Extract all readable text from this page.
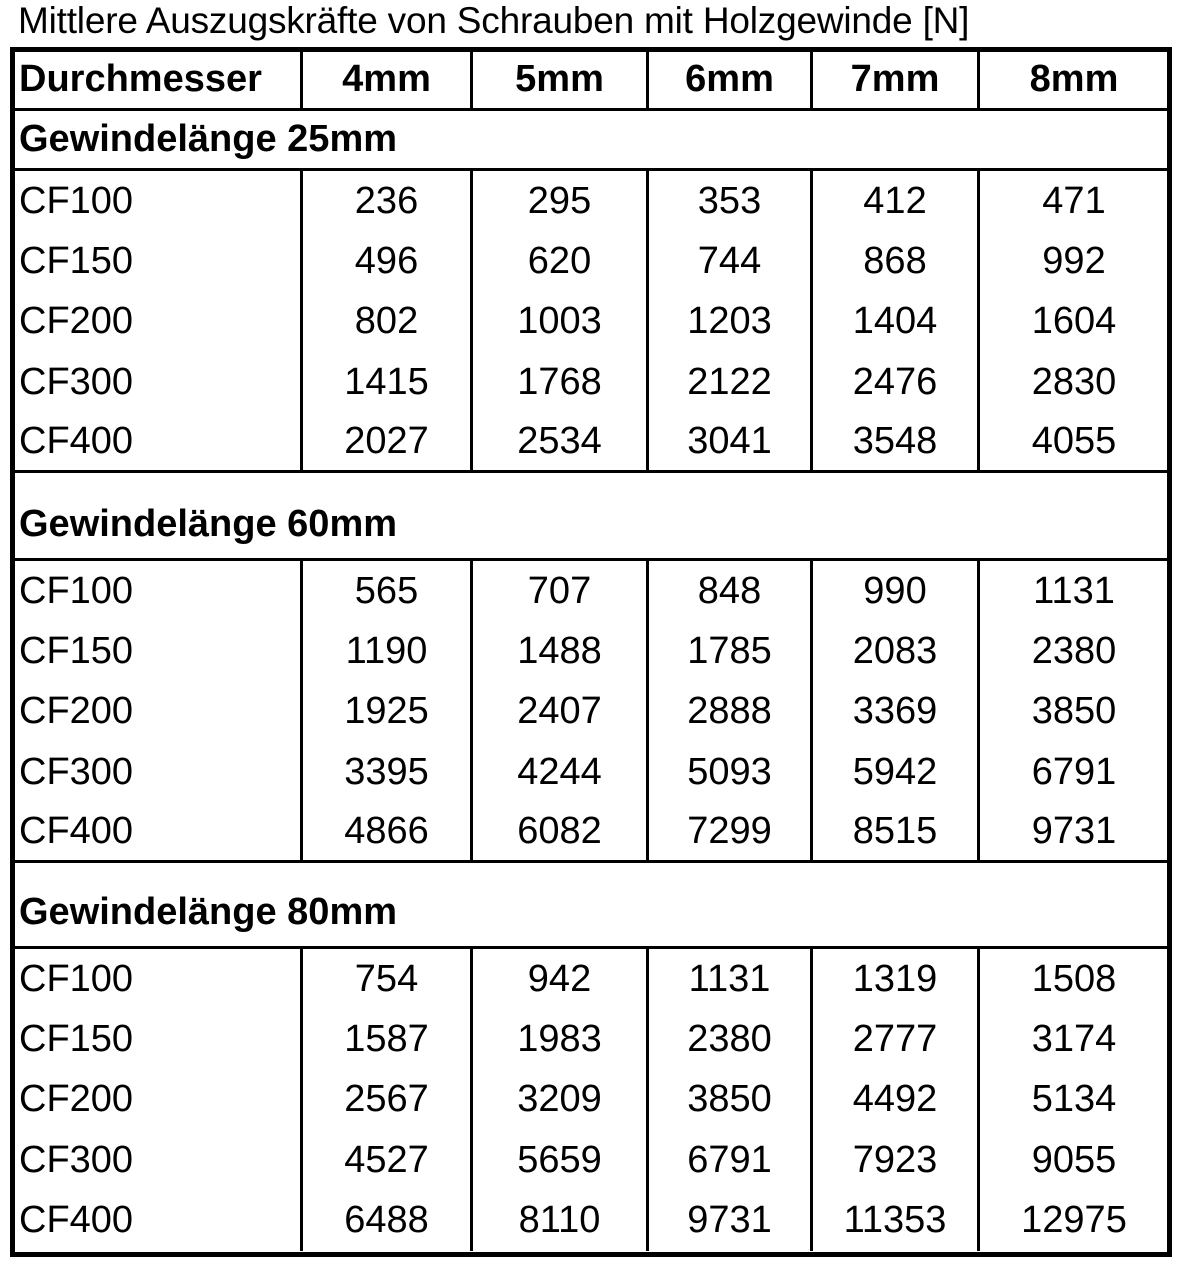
Mittlere Auszugskräfte von Schrauben mit Holzgewinde [N]
Durchmesser	4mm	5mm	6mm	7mm	8mm
Gewindelänge 25mm
CF100	236	295	353	412	471
CF150	496	620	744	868	992
CF200	802	1003	1203	1404	1604
CF300	1415	1768	2122	2476	2830
CF400	2027	2534	3041	3548	4055
Gewindelänge 60mm
CF100	565	707	848	990	1131
CF150	1190	1488	1785	2083	2380
CF200	1925	2407	2888	3369	3850
CF300	3395	4244	5093	5942	6791
CF400	4866	6082	7299	8515	9731
Gewindelänge 80mm
CF100	754	942	1131	1319	1508
CF150	1587	1983	2380	2777	3174
CF200	2567	3209	3850	4492	5134
CF300	4527	5659	6791	7923	9055
CF400	6488	8110	9731	11353	12975
